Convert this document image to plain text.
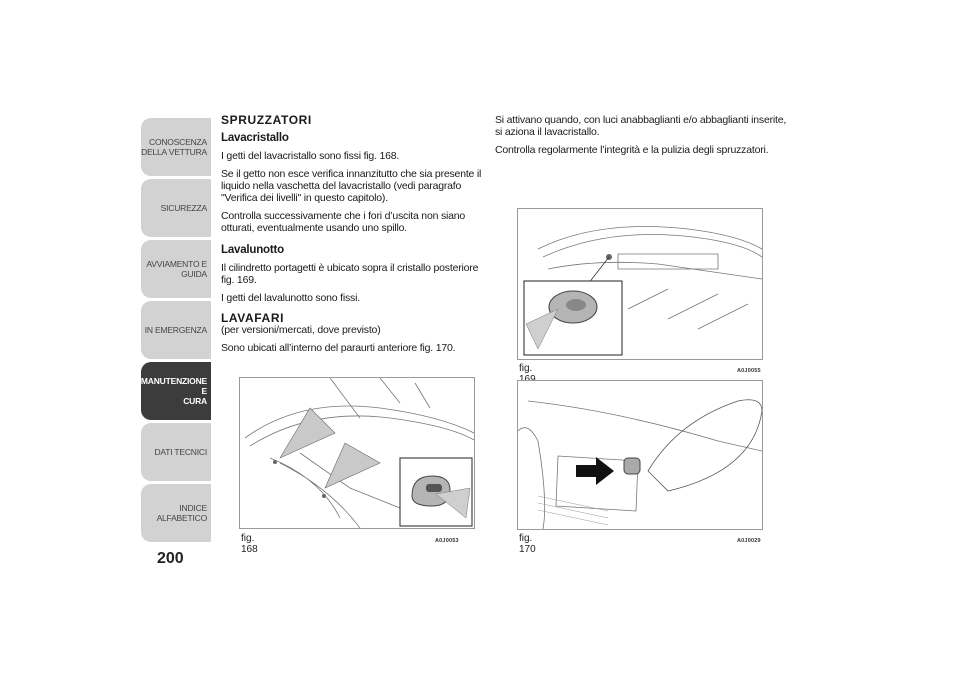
CONOSCENZA
DELLA VETTURA
SICUREZZA
AVVIAMENTO E
GUIDA
IN EMERGENZA
MANUTENZIONE E
CURA
DATI TECNICI
INDICE ALFABETICO
200
SPRUZZATORI
Lavacristallo

I getti del lavacristallo sono fissi fig. 168.

Se il getto non esce verifica innanzitutto che sia presente il liquido nella vaschetta del lavacristallo (vedi paragrafo "Verifica dei livelli" in questo capitolo).

Controlla successivamente che i fori d’uscita non siano otturati, eventualmente usando uno spillo.

Lavalunotto

Il cilindretto portagetti è ubicato sopra il cristallo posteriore fig. 169.

I getti del lavalunotto sono fissi.

LAVAFARI

(per versioni/mercati, dove previsto)

Sono ubicati all’interno del paraurti anteriore fig. 170.

Si attivano quando, con luci anabbaglianti e/o abbaglianti inserite, si aziona il lavacristallo.

Controlla regolarmente l’integrità e la pulizia degli spruzzatori.

fig. 168
A0J0053
fig.	A0J0055
fig. 170
A0J0029
